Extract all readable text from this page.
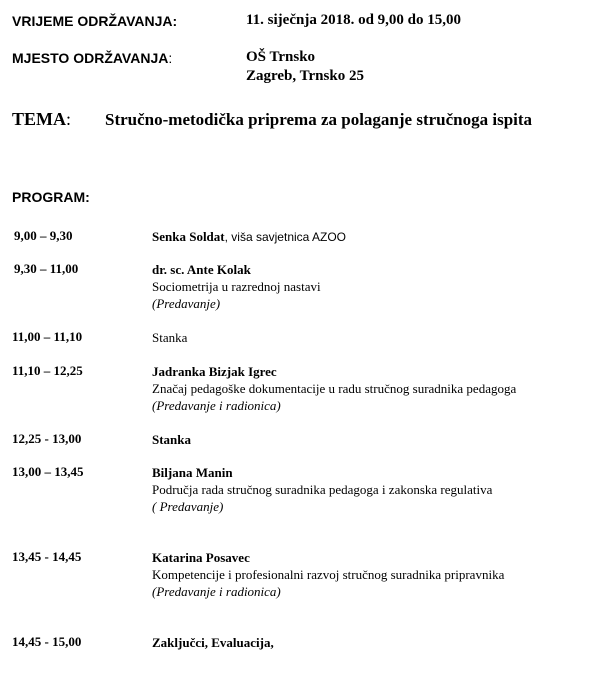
VRIJEME ODRŽAVANJA:	11. siječnja 2018. od 9,00 do 15,00
MJESTO ODRŽAVANJA:	OŠ Trnsko
Zagreb, Trnsko 25
TEMA: Stručno-metodička priprema za polaganje stručnoga ispita
PROGRAM:
9,00 – 9,30	Senka Soldat, viša savjetnica AZOO
9,30 – 11,00	dr. sc. Ante Kolak
Sociometrija u razrednoj nastavi
(Predavanje)
11,00 – 11,10	Stanka
11,10 – 12,25	Jadranka Bizjak Igrec
Značaj pedagoške dokumentacije u radu stručnog suradnika pedagoga
(Predavanje i radionica)
12,25 - 13,00	Stanka
13,00 – 13,45	Biljana Manin
Područja rada stručnog suradnika pedagoga i zakonska regulativa
( Predavanje)
13,45 - 14,45	Katarina Posavec
Kompetencije i profesionalni razvoj stručnog suradnika pripravnika
(Predavanje i radionica)
14,45 - 15,00	Zaključci, Evaluacija,
